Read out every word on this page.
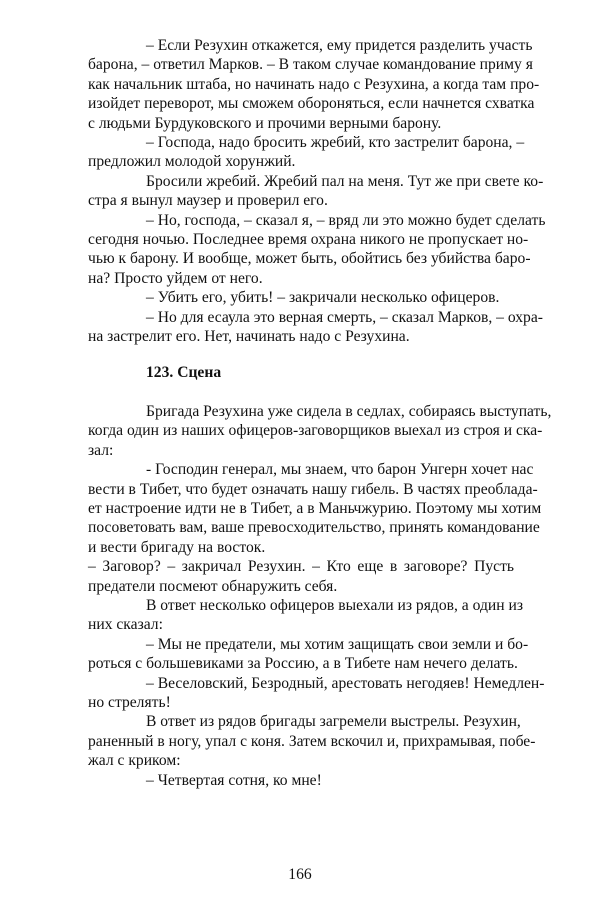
– Если Резухин откажется, ему придется разделить участь
барона, – ответил Марков. – В таком случае командование приму я
как начальник штаба, но начинать надо с Резухина, а когда там про-
изойдет переворот, мы сможем обороняться, если начнется схватка
с людьми Бурдуковского и прочими верными барону.
– Господа, надо бросить жребий, кто застрелит барона, –
предложил молодой хорунжий.
Бросили жребий. Жребий пал на меня. Тут же при свете ко-
стра я вынул маузер и проверил его.
– Но, господа, – сказал я, – вряд ли это можно будет сделать
сегодня ночью. Последнее время охрана никого не пропускает но-
чью к барону. И вообще, может быть, обойтись без убийства баро-
на? Просто уйдем от него.
– Убить его, убить! – закричали несколько офицеров.
– Но для есаула это верная смерть, – сказал Марков, – охра-
на застрелит его. Нет, начинать надо с Резухина.
123. Сцена
Бригада Резухина уже сидела в седлах, собираясь выступать,
когда один из наших офицеров-заговорщиков выехал из строя и ска-
зал:
- Господин генерал, мы знаем, что барон Унгерн хочет нас
вести в Тибет, что будет означать нашу гибель. В частях преоблада-
ет настроение идти не в Тибет, а в Маньчжурию. Поэтому мы хотим
посоветовать вам, ваше превосходительство, принять командование
и вести бригаду на восток.
– Заговор? – закричал Резухин. – Кто еще в заговоре? Пусть
предатели посмеют обнаружить себя.
В ответ несколько офицеров выехали из рядов, а один из
них сказал:
– Мы не предатели, мы хотим защищать свои земли и бо-
роться с большевиками за Россию, а в Тибете нам нечего делать.
– Веселовский, Безродный, арестовать негодяев! Немедлен-
но стрелять!
В ответ из рядов бригады загремели выстрелы. Резухин,
раненный в ногу, упал с коня. Затем вскочил и, прихрамывая, побе-
жал с криком:
– Четвертая сотня, ко мне!
166
